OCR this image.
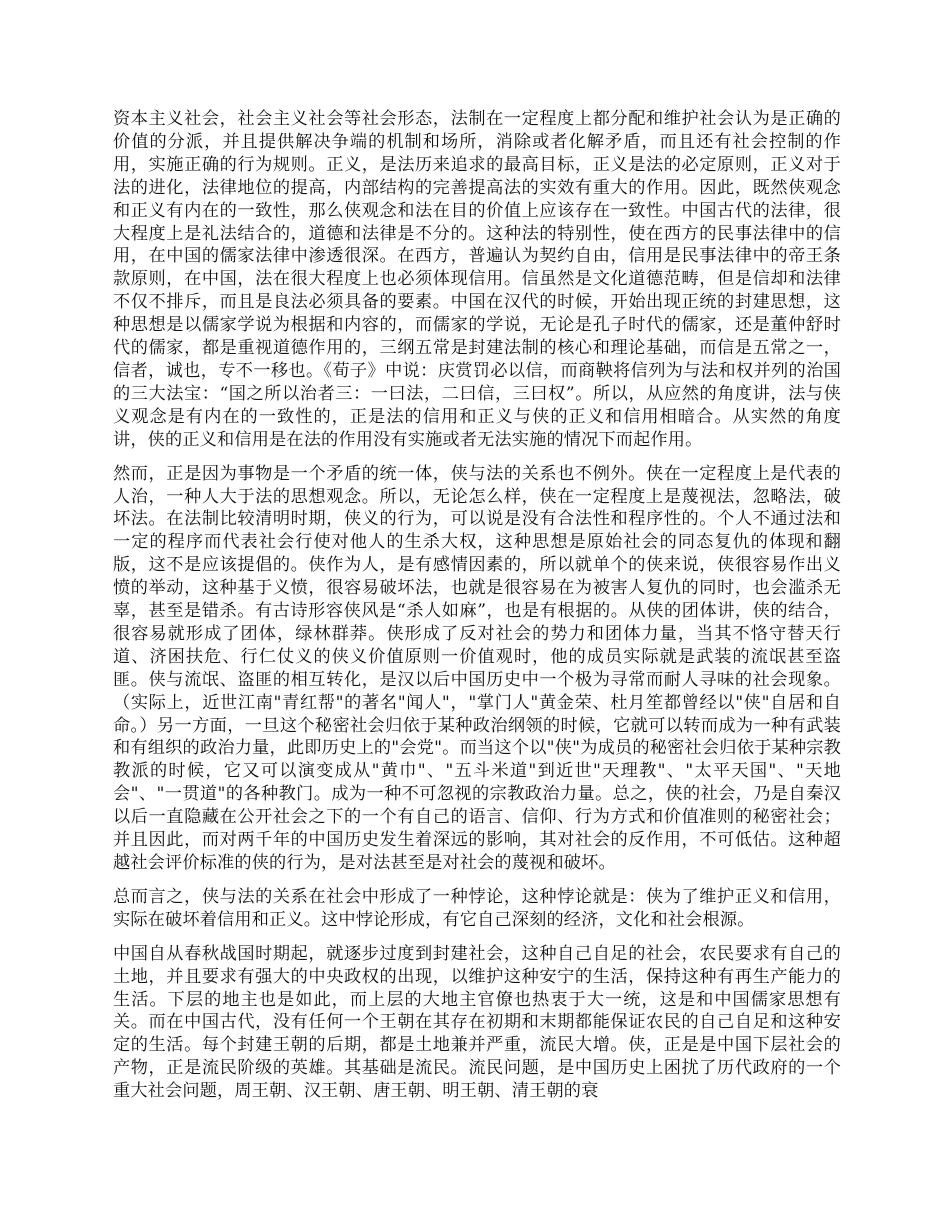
资本主义社会，社会主义社会等社会形态，法制在一定程度上都分配和维护社会认为是正确的价值的分派，并且提供解决争端的机制和场所，消除或者化解矛盾，而且还有社会控制的作用，实施正确的行为规则。正义，是法历来追求的最高目标，正义是法的必定原则，正义对于法的进化，法律地位的提高，内部结构的完善提高法的实效有重大的作用。因此，既然侠观念和正义有内在的一致性，那么侠观念和法在目的价值上应该存在一致性。中国古代的法律，很大程度上是礼法结合的，道德和法律是不分的。这种法的特别性，使在西方的民事法律中的信用，在中国的儒家法律中渗透很深。在西方，普遍认为契约自由，信用是民事法律中的帝王条款原则，在中国，法在很大程度上也必须体现信用。信虽然是文化道德范畴，但是信却和法律不仅不排斥，而且是良法必须具备的要素。中国在汉代的时候，开始出现正统的封建思想，这种思想是以儒家学说为根据和内容的，而儒家的学说，无论是孔子时代的儒家，还是董仲舒时代的儒家，都是重视道德作用的，三纲五常是封建法制的核心和理论基础，而信是五常之一，信者，诚也，专不一移也。《荀子》中说：庆赏罚必以信，而商鞅将信列为与法和权并列的治国的三大法宝：“国之所以治者三：一曰法，二曰信，三曰权”。所以，从应然的角度讲，法与侠义观念是有内在的一致性的，正是法的信用和正义与侠的正义和信用相暗合。从实然的角度讲，侠的正义和信用是在法的作用没有实施或者无法实施的情况下而起作用。

然而，正是因为事物是一个矛盾的统一体，侠与法的关系也不例外。侠在一定程度上是代表的人治，一种人大于法的思想观念。所以，无论怎么样，侠在一定程度上是蔑视法，忽略法，破坏法。在法制比较清明时期，侠义的行为，可以说是没有合法性和程序性的。个人不通过法和一定的程序而代表社会行使对他人的生杀大权，这种思想是原始社会的同态复仇的体现和翻版，这不是应该提倡的。侠作为人，是有感情因素的，所以就单个的侠来说，侠很容易作出义愤的举动，这种基于义愤，很容易破坏法，也就是很容易在为被害人复仇的同时，也会滥杀无辜，甚至是错杀。有古诗形容侠风是“杀人如麻”，也是有根据的。从侠的团体讲，侠的结合，很容易就形成了团体，绿林群莽。侠形成了反对社会的势力和团体力量，当其不恪守替天行道、济困扶危、行仁仗义的侠义价值原则一价值观时，他的成员实际就是武装的流氓甚至盗匪。侠与流氓、盗匪的相互转化，是汉以后中国历史中一个极为寻常而耐人寻味的社会现象。（实际上，近世江南"青红帮"的著名"闻人"，"掌门人"黄金荣、杜月笙都曾经以"侠"自居和自命。）另一方面，一旦这个秘密社会归依于某种政治纲领的时候，它就可以转而成为一种有武装和有组织的政治力量，此即历史上的"会党"。而当这个以"侠"为成员的秘密社会归依于某种宗教教派的时候，它又可以演变成从"黄巾"、"五斗米道"到近世"天理教"、"太平天国"、"天地会"、"一贯道"的各种教门。成为一种不可忽视的宗教政治力量。总之，侠的社会，乃是自秦汉以后一直隐藏在公开社会之下的一个有自己的语言、信仰、行为方式和价值准则的秘密社会；并且因此，而对两千年的中国历史发生着深远的影响，其对社会的反作用，不可低估。这种超越社会评价标准的侠的行为，是对法甚至是对社会的蔑视和破坏。

总而言之，侠与法的关系在社会中形成了一种悖论，这种悖论就是：侠为了维护正义和信用，实际在破坏着信用和正义。这中悖论形成，有它自己深刻的经济，文化和社会根源。

中国自从春秋战国时期起，就逐步过度到封建社会，这种自己自足的社会，农民要求有自己的土地，并且要求有强大的中央政权的出现，以维护这种安宁的生活，保持这种有再生产能力的生活。下层的地主也是如此，而上层的大地主官僚也热衷于大一统，这是和中国儒家思想有关。而在中国古代，没有任何一个王朝在其存在初期和末期都能保证农民的自己自足和这种安定的生活。每个封建王朝的后期，都是土地兼并严重，流民大增。侠，正是是中国下层社会的产物，正是流民阶级的英雄。其基础是流民。流民问题，是中国历史上困扰了历代政府的一个重大社会问题，周王朝、汉王朝、唐王朝、明王朝、清王朝的衰
